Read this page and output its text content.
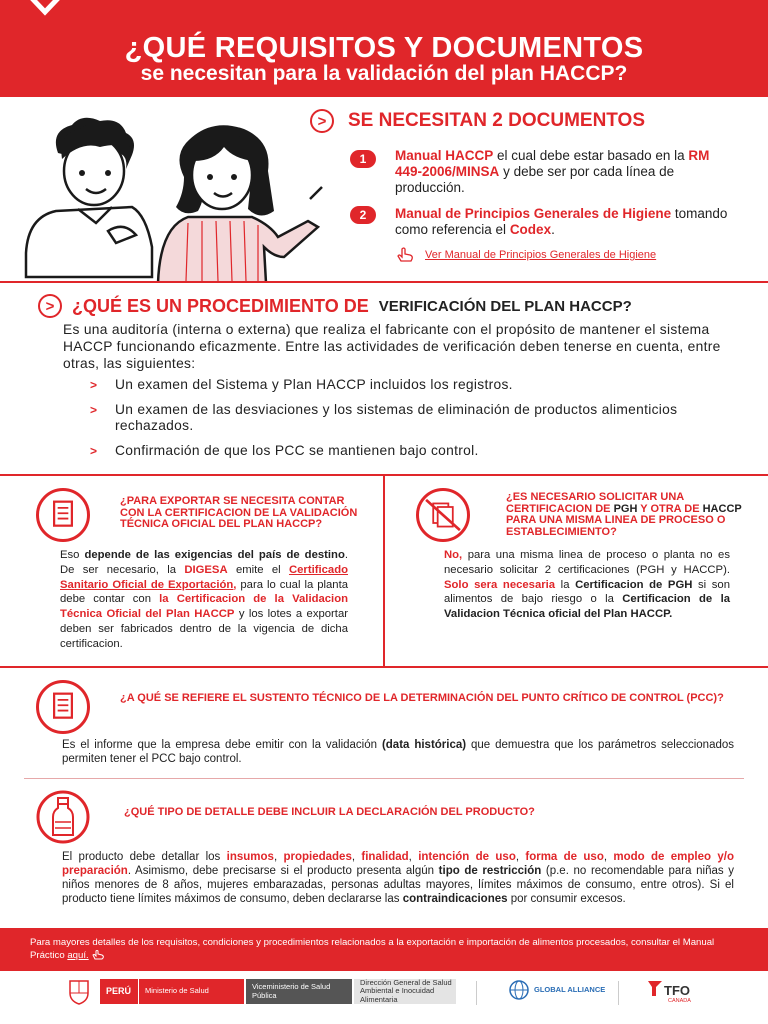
¿QUÉ REQUISITOS Y DOCUMENTOS
se necesitan para la validación del plan HACCP?
>	SE NECESITAN 2 DOCUMENTOS
1	Manual HACCP el cual debe estar basado en la RM 449-2006/MINSA y debe ser por cada línea de producción.
2	Manual de Principios Generales de Higiene tomando como referencia el Codex.
Ver Manual de Principios Generales de Higiene
> ¿QUÉ ES UN PROCEDIMIENTO DE VERIFICACIÓN DEL PLAN HACCP?

Es una auditoría (interna o externa) que realiza el fabricante con el propósito de mantener el sistema HACCP funcionando eficazmente. Entre las actividades de verificación deben tenerse en cuenta, entre otras, las siguientes:

> Un examen del Sistema y Plan HACCP incluidos los registros.
> Un examen de las desviaciones y los sistemas de eliminación de productos alimenticios rechazados.
> Confirmación de que los PCC se mantienen bajo control.
¿PARA EXPORTAR SE NECESITA CONTAR CON LA CERTIFICACION DE LA VALIDACIÓN TÉCNICA OFICIAL DEL PLAN HACCP?
Eso depende de las exigencias del país de destino. De ser necesario, la DIGESA emite el Certificado Sanitario Oficial de Exportación, para lo cual la planta debe contar con la Certificacion de la Validacion Técnica Oficial del Plan HACCP y los lotes a exportar deben ser fabricados dentro de la vigencia de dicha certificacion.
¿ES NECESARIO SOLICITAR UNA CERTIFICACION DE PGH Y OTRA DE HACCP PARA UNA MISMA LINEA DE PROCESO O ESTABLECIMIENTO?
No, para una misma linea de proceso o planta no es necesario solicitar 2 certificaciones (PGH y HACCP). Solo sera necesaria la Certificacion de PGH si son alimentos de bajo riesgo o la Certificacion de la Validacion Técnica oficial del Plan HACCP.
¿A QUÉ SE REFIERE EL SUSTENTO TÉCNICO DE LA DETERMINACIÓN DEL PUNTO CRÍTICO DE CONTROL (PCC)?
Es el informe que la empresa debe emitir con la validación (data histórica) que demuestra que los parámetros seleccionados permiten tener el PCC bajo control.
¿QUÉ TIPO DE DETALLE DEBE INCLUIR LA DECLARACIÓN DEL PRODUCTO?
El producto debe detallar los insumos, propiedades, finalidad, intención de uso, forma de uso, modo de empleo y/o preparación. Asimismo, debe precisarse si el producto presenta algún tipo de restricción (p.e. no recomendable para niñas y niños menores de 8 años, mujeres embarazadas, personas adultas mayores, límites máximos de consumo, entre otros). Si el producto tiene límites máximos de consumo, deben declararse las contraindicaciones por consumir excesos.

Para mayores detalles de los requisitos, condiciones y procedimientos relacionados a la exportación e importación de alimentos procesados, consultar el Manual Práctico aquí.

PERÚ	Ministerio de Salud	Viceministerio de Salud Pública
Dirección General de Salud Ambiental e Inocuidad Alimentaria
GLOBAL ALLIANCE	TFO
CANADA
